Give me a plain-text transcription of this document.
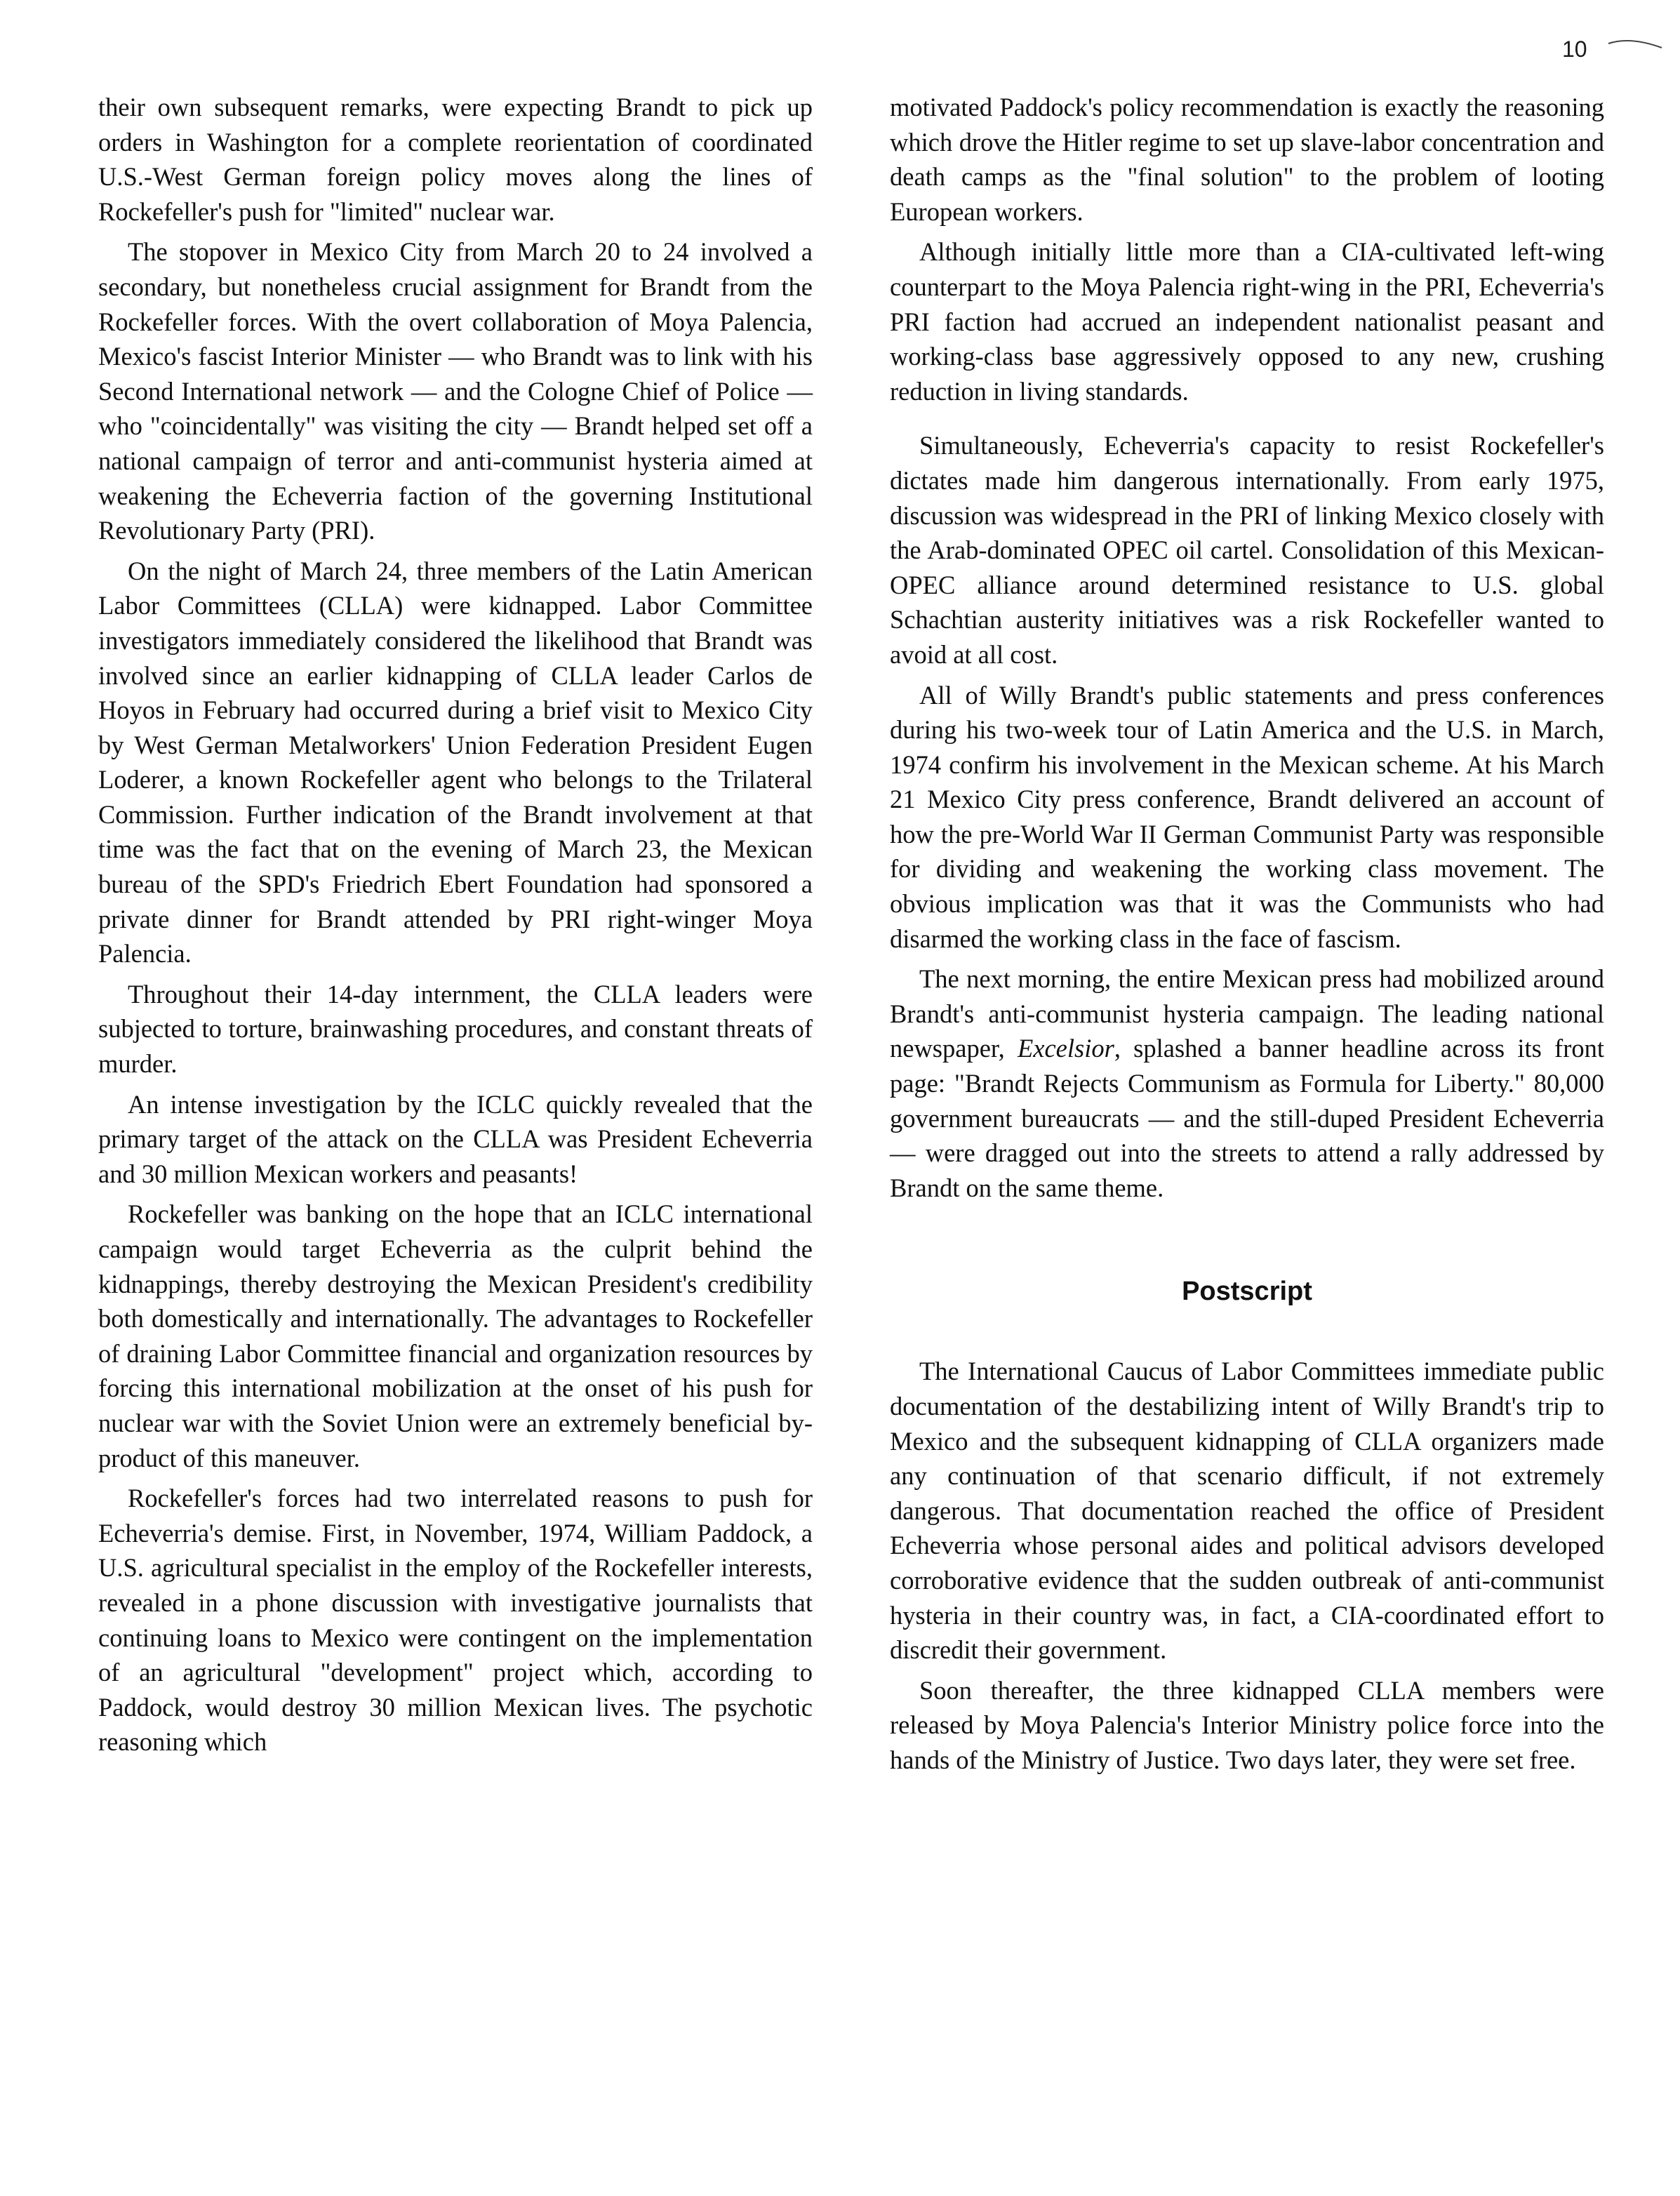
10

their own subsequent remarks, were expecting Brandt to pick up orders in Washington for a complete reorientation of coordinated U.S.-West German foreign policy moves along the lines of Rockefeller's push for "limited" nuclear war.

The stopover in Mexico City from March 20 to 24 involved a secondary, but nonetheless crucial assignment for Brandt from the Rockefeller forces. With the overt collaboration of Moya Palencia, Mexico's fascist Interior Minister — who Brandt was to link with his Second International network — and the Cologne Chief of Police — who "coincidentally" was visiting the city — Brandt helped set off a national campaign of terror and anti-communist hysteria aimed at weakening the Echeverria faction of the governing Institutional Revolutionary Party (PRI).

On the night of March 24, three members of the Latin American Labor Committees (CLLA) were kidnapped. Labor Committee investigators immediately considered the likelihood that Brandt was involved since an earlier kidnapping of CLLA leader Carlos de Hoyos in February had occurred during a brief visit to Mexico City by West German Metalworkers' Union Federation President Eugen Loderer, a known Rockefeller agent who belongs to the Trilateral Commission. Further indication of the Brandt involvement at that time was the fact that on the evening of March 23, the Mexican bureau of the SPD's Friedrich Ebert Foundation had sponsored a private dinner for Brandt attended by PRI right-winger Moya Palencia.

Throughout their 14-day internment, the CLLA leaders were subjected to torture, brainwashing procedures, and constant threats of murder.

An intense investigation by the ICLC quickly revealed that the primary target of the attack on the CLLA was President Echeverria and 30 million Mexican workers and peasants!

Rockefeller was banking on the hope that an ICLC international campaign would target Echeverria as the culprit behind the kidnappings, thereby destroying the Mexican President's credibility both domestically and internationally. The advantages to Rockefeller of draining Labor Committee financial and organization resources by forcing this international mobilization at the onset of his push for nuclear war with the Soviet Union were an extremely beneficial by-product of this maneuver.

Rockefeller's forces had two interrelated reasons to push for Echeverria's demise. First, in November, 1974, William Paddock, a U.S. agricultural specialist in the employ of the Rockefeller interests, revealed in a phone discussion with investigative journalists that continuing loans to Mexico were contingent on the implementation of an agricultural "development" project which, according to Paddock, would destroy 30 million Mexican lives. The psychotic reasoning which

motivated Paddock's policy recommendation is exactly the reasoning which drove the Hitler regime to set up slave-labor concentration and death camps as the "final solution" to the problem of looting European workers.

Although initially little more than a CIA-cultivated left-wing counterpart to the Moya Palencia right-wing in the PRI, Echeverria's PRI faction had accrued an independent nationalist peasant and working-class base aggressively opposed to any new, crushing reduction in living standards.

Simultaneously, Echeverria's capacity to resist Rockefeller's dictates made him dangerous internationally. From early 1975, discussion was widespread in the PRI of linking Mexico closely with the Arab-dominated OPEC oil cartel. Consolidation of this Mexican-OPEC alliance around determined resistance to U.S. global Schachtian austerity initiatives was a risk Rockefeller wanted to avoid at all cost.

All of Willy Brandt's public statements and press conferences during his two-week tour of Latin America and the U.S. in March, 1974 confirm his involvement in the Mexican scheme. At his March 21 Mexico City press conference, Brandt delivered an account of how the pre-World War II German Communist Party was responsible for dividing and weakening the working class movement. The obvious implication was that it was the Communists who had disarmed the working class in the face of fascism.

The next morning, the entire Mexican press had mobilized around Brandt's anti-communist hysteria campaign. The leading national newspaper, Excelsior, splashed a banner headline across its front page: "Brandt Rejects Communism as Formula for Liberty." 80,000 government bureaucrats — and the still-duped President Echeverria — were dragged out into the streets to attend a rally addressed by Brandt on the same theme.

Postscript

The International Caucus of Labor Committees immediate public documentation of the destabilizing intent of Willy Brandt's trip to Mexico and the subsequent kidnapping of CLLA organizers made any continuation of that scenario difficult, if not extremely dangerous. That documentation reached the office of President Echeverria whose personal aides and political advisors developed corroborative evidence that the sudden outbreak of anti-communist hysteria in their country was, in fact, a CIA-coordinated effort to discredit their government.

Soon thereafter, the three kidnapped CLLA members were released by Moya Palencia's Interior Ministry police force into the hands of the Ministry of Justice. Two days later, they were set free.
